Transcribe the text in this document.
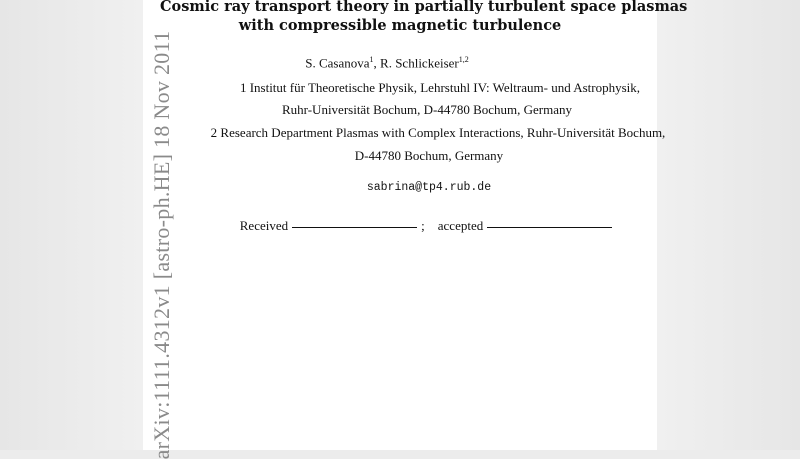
arXiv:1111.4312v1 [astro-ph.HE] 18 Nov 2011
Cosmic ray transport theory in partially turbulent space plasmas
with compressible magnetic turbulence
S. Casanova$^1$, R. Schlickeiser$^{1,2}$
1 Institut für Theoretische Physik, Lehrstuhl IV: Weltraum- und Astrophysik,
Ruhr-Universität Bochum, D-44780 Bochum, Germany
2 Research Department Plasmas with Complex Interactions, Ruhr-Universität Bochum,
D-44780 Bochum, Germany
sabrina@tp4.rub.de
Received	; accepted
